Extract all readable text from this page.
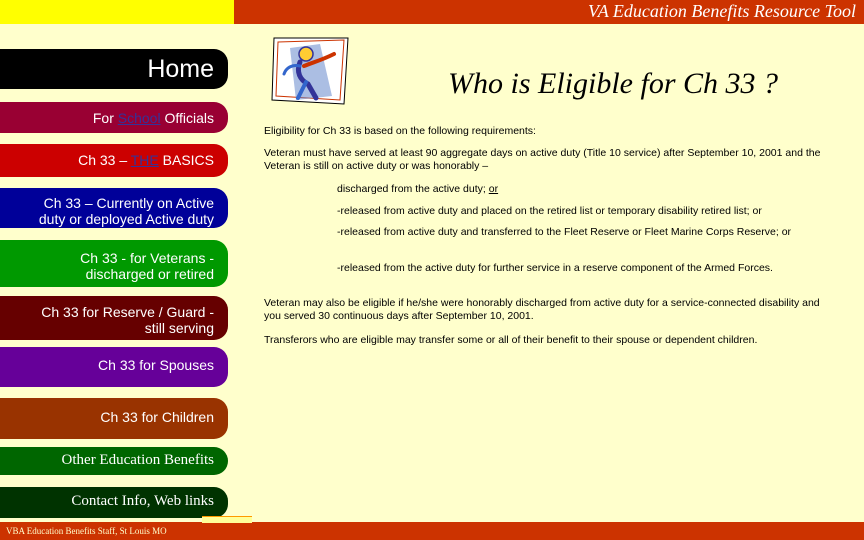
VA Education Benefits Resource Tool
Home
For School Officials
Ch 33 – THE BASICS
Ch 33 – Currently on Active
duty or deployed Active duty
Ch 33 - for Veterans -
discharged or retired
Ch 33 for Reserve / Guard -
still serving
Ch 33 for Spouses
Ch 33 for Children
Other Education Benefits
Contact Info, Web links
Who is Eligible for Ch 33 ?
Eligibility for Ch 33 is based on the following requirements:
Veteran must have served at least 90 aggregate days on active duty (Title 10 service) after September 10, 2001 and the Veteran is still on active duty or was honorably –
discharged from the active duty; or
-released from active duty and placed on the retired list or temporary disability retired list; or
-released from active duty and transferred to the Fleet Reserve or Fleet Marine Corps Reserve; or
-released from the active duty for further service in a reserve component of the Armed Forces.
Veteran may also be eligible if he/she were honorably discharged from active duty for a service-connected disability and you served 30 continuous days after September 10, 2001.
Transferors who are eligible may transfer some or all of their benefit to their spouse or dependent children.
VBA Education Benefits Staff, St Louis MO
